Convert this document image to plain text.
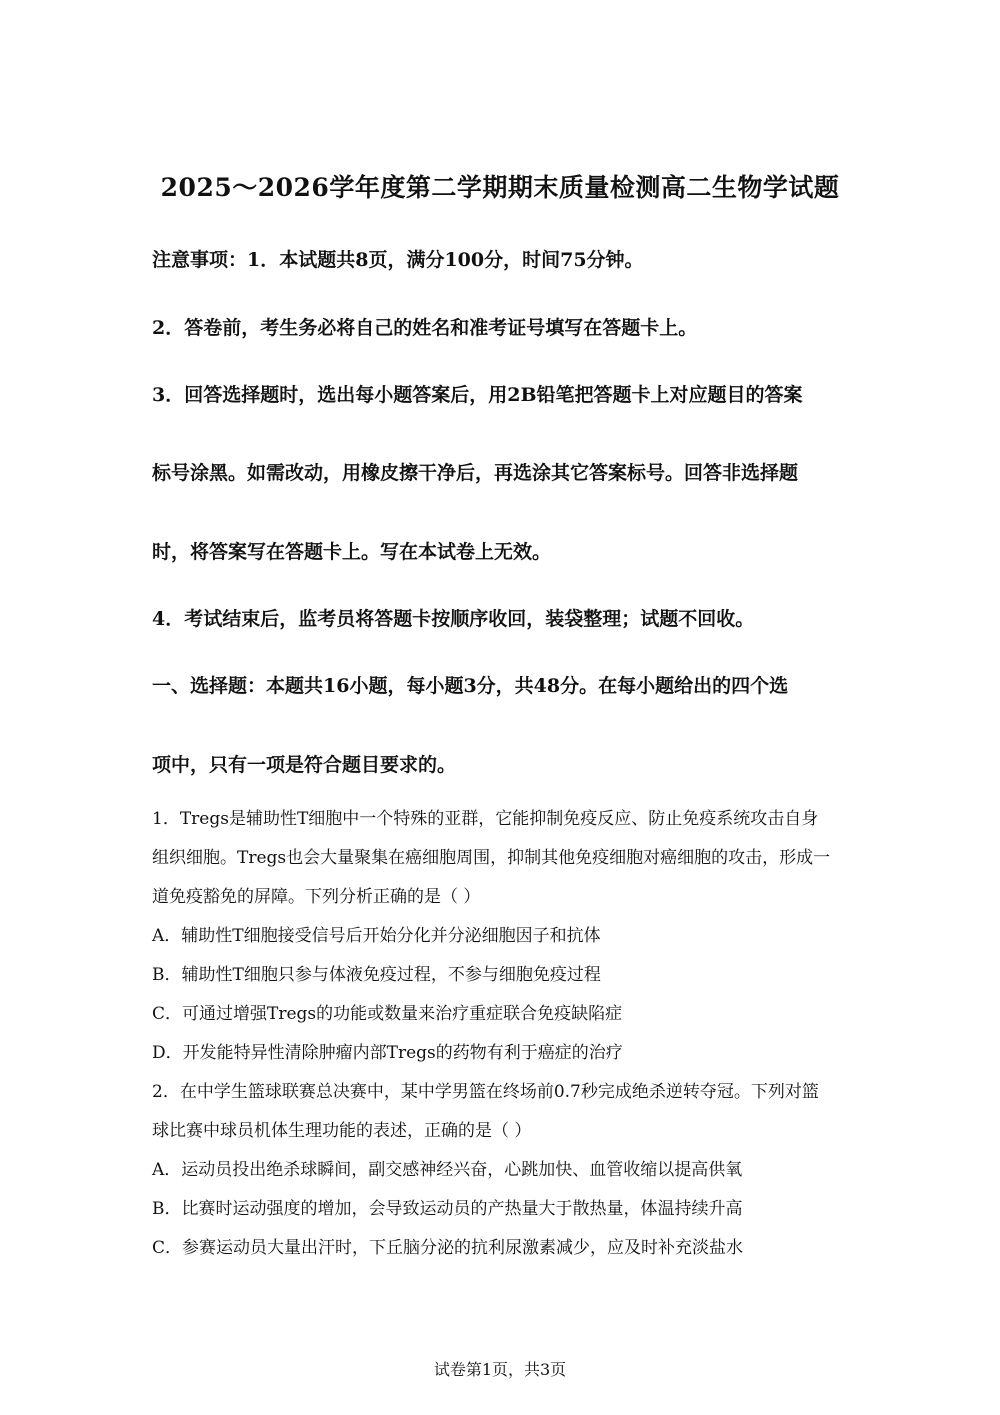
2025～2026学年度第二学期期末质量检测高二生物学试题
注意事项：1．本试题共8页，满分100分，时间75分钟。
2．答卷前，考生务必将自己的姓名和准考证号填写在答题卡上。
3．回答选择题时，选出每小题答案后，用2B铅笔把答题卡上对应题目的答案
标号涂黑。如需改动，用橡皮擦干净后，再选涂其它答案标号。回答非选择题
时，将答案写在答题卡上。写在本试卷上无效。
4．考试结束后，监考员将答题卡按顺序收回，装袋整理；试题不回收。
一、选择题：本题共16小题，每小题3分，共48分。在每小题给出的四个选
项中，只有一项是符合题目要求的。
1．Tregs是辅助性T细胞中一个特殊的亚群，它能抑制免疫反应、防止免疫系统攻击自身
组织细胞。Tregs也会大量聚集在癌细胞周围，抑制其他免疫细胞对癌细胞的攻击，形成一
道免疫豁免的屏障。下列分析正确的是（ ）
A．辅助性T细胞接受信号后开始分化并分泌细胞因子和抗体
B．辅助性T细胞只参与体液免疫过程，不参与细胞免疫过程
C．可通过增强Tregs的功能或数量来治疗重症联合免疫缺陷症
D．开发能特异性清除肿瘤内部Tregs的药物有利于癌症的治疗
2．在中学生篮球联赛总决赛中，某中学男篮在终场前0.7秒完成绝杀逆转夺冠。下列对篮
球比赛中球员机体生理功能的表述，正确的是（ ）
A．运动员投出绝杀球瞬间，副交感神经兴奋，心跳加快、血管收缩以提高供氧
B．比赛时运动强度的增加，会导致运动员的产热量大于散热量，体温持续升高
C．参赛运动员大量出汗时，下丘脑分泌的抗利尿激素减少，应及时补充淡盐水
试卷第1页，共3页
